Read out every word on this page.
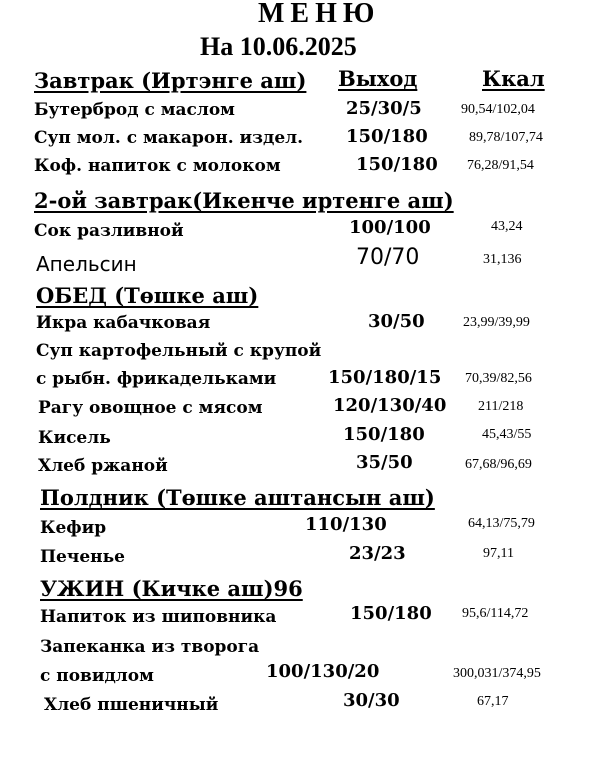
МЕНЮ
На 10.06.2025
Завтрак (Иртэнге аш) Выход	Ккал
Бутерброд с маслом	25/30/5	90,54/102,04
Суп мол. с макарон. издел. 150/180	89,78/107,74
Коф. напиток с молоком	150/180 76,28/91,54
2-ой завтрак(Икенче иртенге аш)
Сок разливной	100/100	43,24
Апельсин	70/70	31,136
ОБЕД (Төшке аш)
Икра кабачковая	30/50	23,99/39,99
Суп картофельный с крупой
с рыбн. фрикадельками	150/180/15 70,39/82,56
Рагу овощное с мясом	120/130/40 211/218
Кисель	150/180	45,43/55
Хлеб ржаной	35/50	67,68/96,69
Полдник (Төшке аштансын аш)
Кефир	110/130	64,13/75,79
Печенье	23/23	97,11
УЖИН (Кичке аш)96
Напиток из шиповника	150/180 95,6/114,72
Запеканка из творога
с повидлом	100/130/20	300,031/374,95
Хлеб пшеничный	30/30	67,17
